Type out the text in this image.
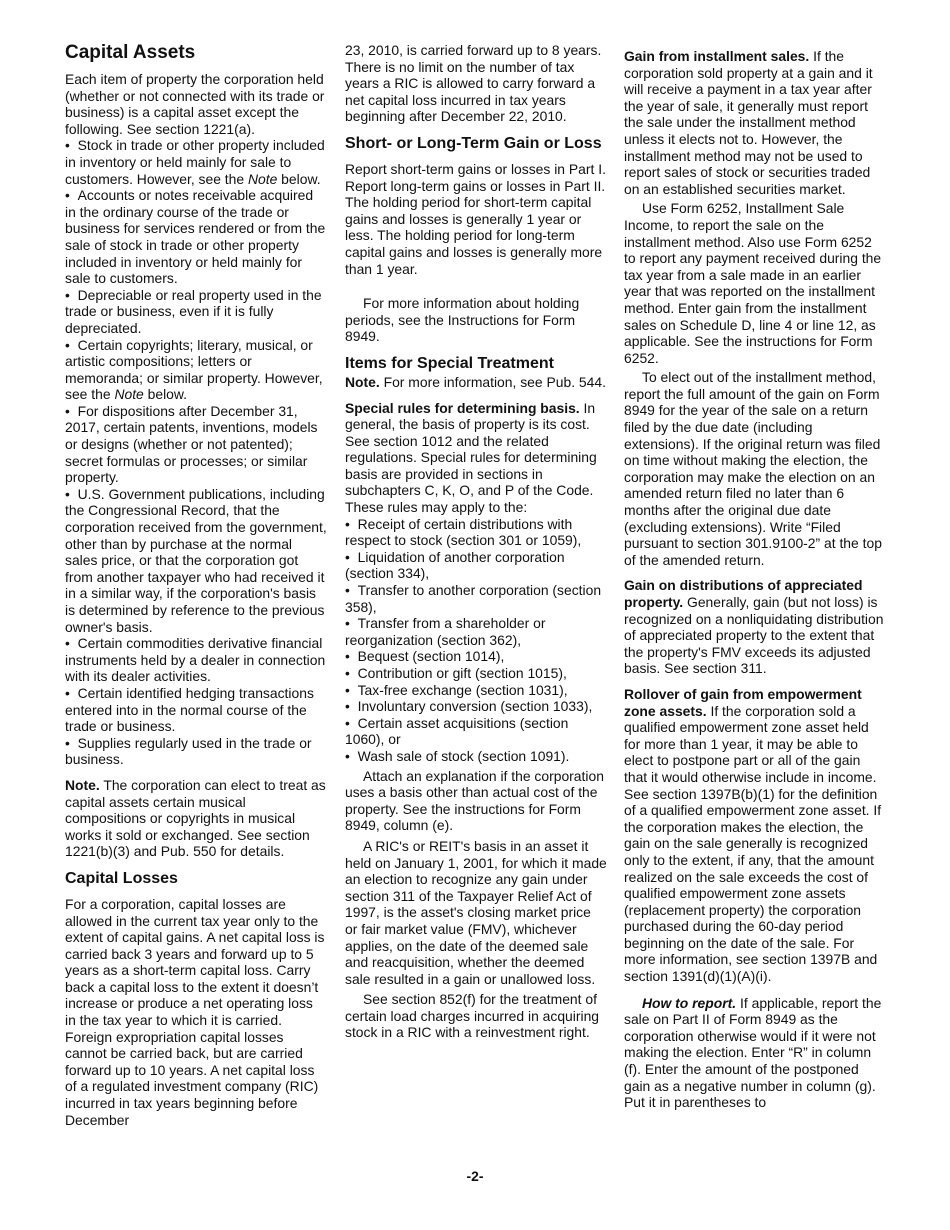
Capital Assets

Each item of property the corporation held (whether or not connected with its trade or business) is a capital asset except the following. See section 1221(a).

•  Stock in trade or other property included in inventory or held mainly for sale to customers. However, see the Note below.

•  Accounts or notes receivable acquired in the ordinary course of the trade or business for services rendered or from the sale of stock in trade or other property included in inventory or held mainly for sale to customers.

•  Depreciable or real property used in the trade or business, even if it is fully depreciated.

•  Certain copyrights; literary, musical, or artistic compositions; letters or memoranda; or similar property. However, see the Note below.

•  For dispositions after December 31, 2017, certain patents, inventions, models or designs (whether or not patented); secret formulas or processes; or similar property.

•  U.S. Government publications, including the Congressional Record, that the corporation received from the government, other than by purchase at the normal sales price, or that the corporation got from another taxpayer who had received it in a similar way, if the corporation's basis is determined by reference to the previous owner's basis.

•  Certain commodities derivative financial instruments held by a dealer in connection with its dealer activities.

•  Certain identified hedging transactions entered into in the normal course of the trade or business.

•  Supplies regularly used in the trade or business.

Note. The corporation can elect to treat as capital assets certain musical compositions or copyrights in musical works it sold or exchanged. See section 1221(b)(3) and Pub. 550 for details.

Capital Losses

For a corporation, capital losses are allowed in the current tax year only to the extent of capital gains. A net capital loss is carried back 3 years and forward up to 5 years as a short-term capital loss. Carry back a capital loss to the extent it doesn’t increase or produce a net operating loss in the tax year to which it is carried. Foreign expropriation capital losses cannot be carried back, but are carried forward up to 10 years. A net capital loss of a regulated investment company (RIC) incurred in tax years beginning before December

23, 2010, is carried forward up to 8 years. There is no limit on the number of tax years a RIC is allowed to carry forward a net capital loss incurred in tax years beginning after December 22, 2010.

Short- or Long-Term Gain or Loss

Report short-term gains or losses in Part I. Report long-term gains or losses in Part II. The holding period for short-term capital gains and losses is generally 1 year or less. The holding period for long-term capital gains and losses is generally more than 1 year.

For more information about holding periods, see the Instructions for Form 8949.

Items for Special Treatment

Note. For more information, see Pub. 544.

Special rules for determining basis. In general, the basis of property is its cost. See section 1012 and the related regulations. Special rules for determining basis are provided in sections in subchapters C, K, O, and P of the Code. These rules may apply to the:

•  Receipt of certain distributions with respect to stock (section 301 or 1059),

•  Liquidation of another corporation (section 334),

•  Transfer to another corporation (section 358),

•  Transfer from a shareholder or reorganization (section 362),

•  Bequest (section 1014),

•  Contribution or gift (section 1015),

•  Tax-free exchange (section 1031),

•  Involuntary conversion (section 1033),

•  Certain asset acquisitions (section 1060), or

•  Wash sale of stock (section 1091).

Attach an explanation if the corporation uses a basis other than actual cost of the property. See the instructions for Form 8949, column (e).

A RIC's or REIT's basis in an asset it held on January 1, 2001, for which it made an election to recognize any gain under section 311 of the Taxpayer Relief Act of 1997, is the asset's closing market price or fair market value (FMV), whichever applies, on the date of the deemed sale and reacquisition, whether the deemed sale resulted in a gain or unallowed loss.

See section 852(f) for the treatment of certain load charges incurred in acquiring stock in a RIC with a reinvestment right.

Gain from installment sales. If the corporation sold property at a gain and it will receive a payment in a tax year after the year of sale, it generally must report the sale under the installment method unless it elects not to. However, the installment method may not be used to report sales of stock or securities traded on an established securities market.

Use Form 6252, Installment Sale Income, to report the sale on the installment method. Also use Form 6252 to report any payment received during the tax year from a sale made in an earlier year that was reported on the installment method. Enter gain from the installment sales on Schedule D, line 4 or line 12, as applicable. See the instructions for Form 6252.

To elect out of the installment method, report the full amount of the gain on Form 8949 for the year of the sale on a return filed by the due date (including extensions). If the original return was filed on time without making the election, the corporation may make the election on an amended return filed no later than 6 months after the original due date (excluding extensions). Write “Filed pursuant to section 301.9100-2” at the top of the amended return.

Gain on distributions of appreciated property. Generally, gain (but not loss) is recognized on a nonliquidating distribution of appreciated property to the extent that the property's FMV exceeds its adjusted basis. See section 311.

Rollover of gain from empowerment zone assets. If the corporation sold a qualified empowerment zone asset held for more than 1 year, it may be able to elect to postpone part or all of the gain that it would otherwise include in income. See section 1397B(b)(1) for the definition of a qualified empowerment zone asset. If the corporation makes the election, the gain on the sale generally is recognized only to the extent, if any, that the amount realized on the sale exceeds the cost of qualified empowerment zone assets (replacement property) the corporation purchased during the 60-day period beginning on the date of the sale. For more information, see section 1397B and section 1391(d)(1)(A)(i).

How to report. If applicable, report the sale on Part II of Form 8949 as the corporation otherwise would if it were not making the election. Enter “R” in column (f). Enter the amount of the postponed gain as a negative number in column (g). Put it in parentheses to

-2-
